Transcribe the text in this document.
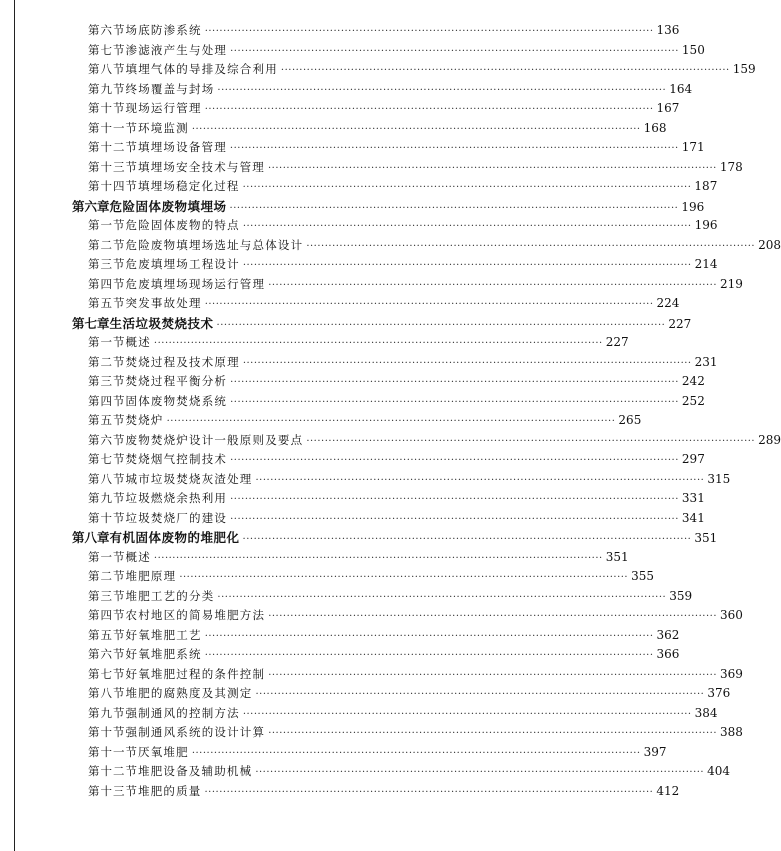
第六节 场底防渗系统 ·························································································································· 136
第七节 渗滤液产生与处理 ·························································································································· 150
第八节 填埋气体的导排及综合利用 ·························································································································· 159
第九节 终场覆盖与封场 ·························································································································· 164
第十节 现场运行管理 ·························································································································· 167
第十一节 环境监测 ·························································································································· 168
第十二节 填埋场设备管理 ·························································································································· 171
第十三节 填埋场安全技术与管理 ·························································································································· 178
第十四节 填埋场稳定化过程 ·························································································································· 187
第六章 危险固体废物填埋场 ·························································································································· 196
第一节 危险固体废物的特点 ·························································································································· 196
第二节 危险废物填埋场选址与总体设计 ·························································································································· 208
第三节 危废填埋场工程设计 ·························································································································· 214
第四节 危废填埋场现场运行管理 ·························································································································· 219
第五节 突发事故处理 ·························································································································· 224
第七章 生活垃圾焚烧技术 ·························································································································· 227
第一节 概述 ·························································································································· 227
第二节 焚烧过程及技术原理 ·························································································································· 231
第三节 焚烧过程平衡分析 ·························································································································· 242
第四节 固体废物焚烧系统 ·························································································································· 252
第五节 焚烧炉 ·························································································································· 265
第六节 废物焚烧炉设计一般原则及要点 ·························································································································· 289
第七节 焚烧烟气控制技术 ·························································································································· 297
第八节 城市垃圾焚烧灰渣处理 ·························································································································· 315
第九节 垃圾燃烧余热利用 ·························································································································· 331
第十节 垃圾焚烧厂的建设 ·························································································································· 341
第八章 有机固体废物的堆肥化 ·························································································································· 351
第一节 概述 ·························································································································· 351
第二节 堆肥原理 ·························································································································· 355
第三节 堆肥工艺的分类 ·························································································································· 359
第四节 农村地区的简易堆肥方法 ·························································································································· 360
第五节 好氧堆肥工艺 ·························································································································· 362
第六节 好氧堆肥系统 ·························································································································· 366
第七节 好氧堆肥过程的条件控制 ·························································································································· 369
第八节 堆肥的腐熟度及其测定 ·························································································································· 376
第九节 强制通风的控制方法 ·························································································································· 384
第十节 强制通风系统的设计计算 ·························································································································· 388
第十一节 厌氧堆肥 ·························································································································· 397
第十二节 堆肥设备及辅助机械 ·························································································································· 404
第十三节 堆肥的质量 ·························································································································· 412
